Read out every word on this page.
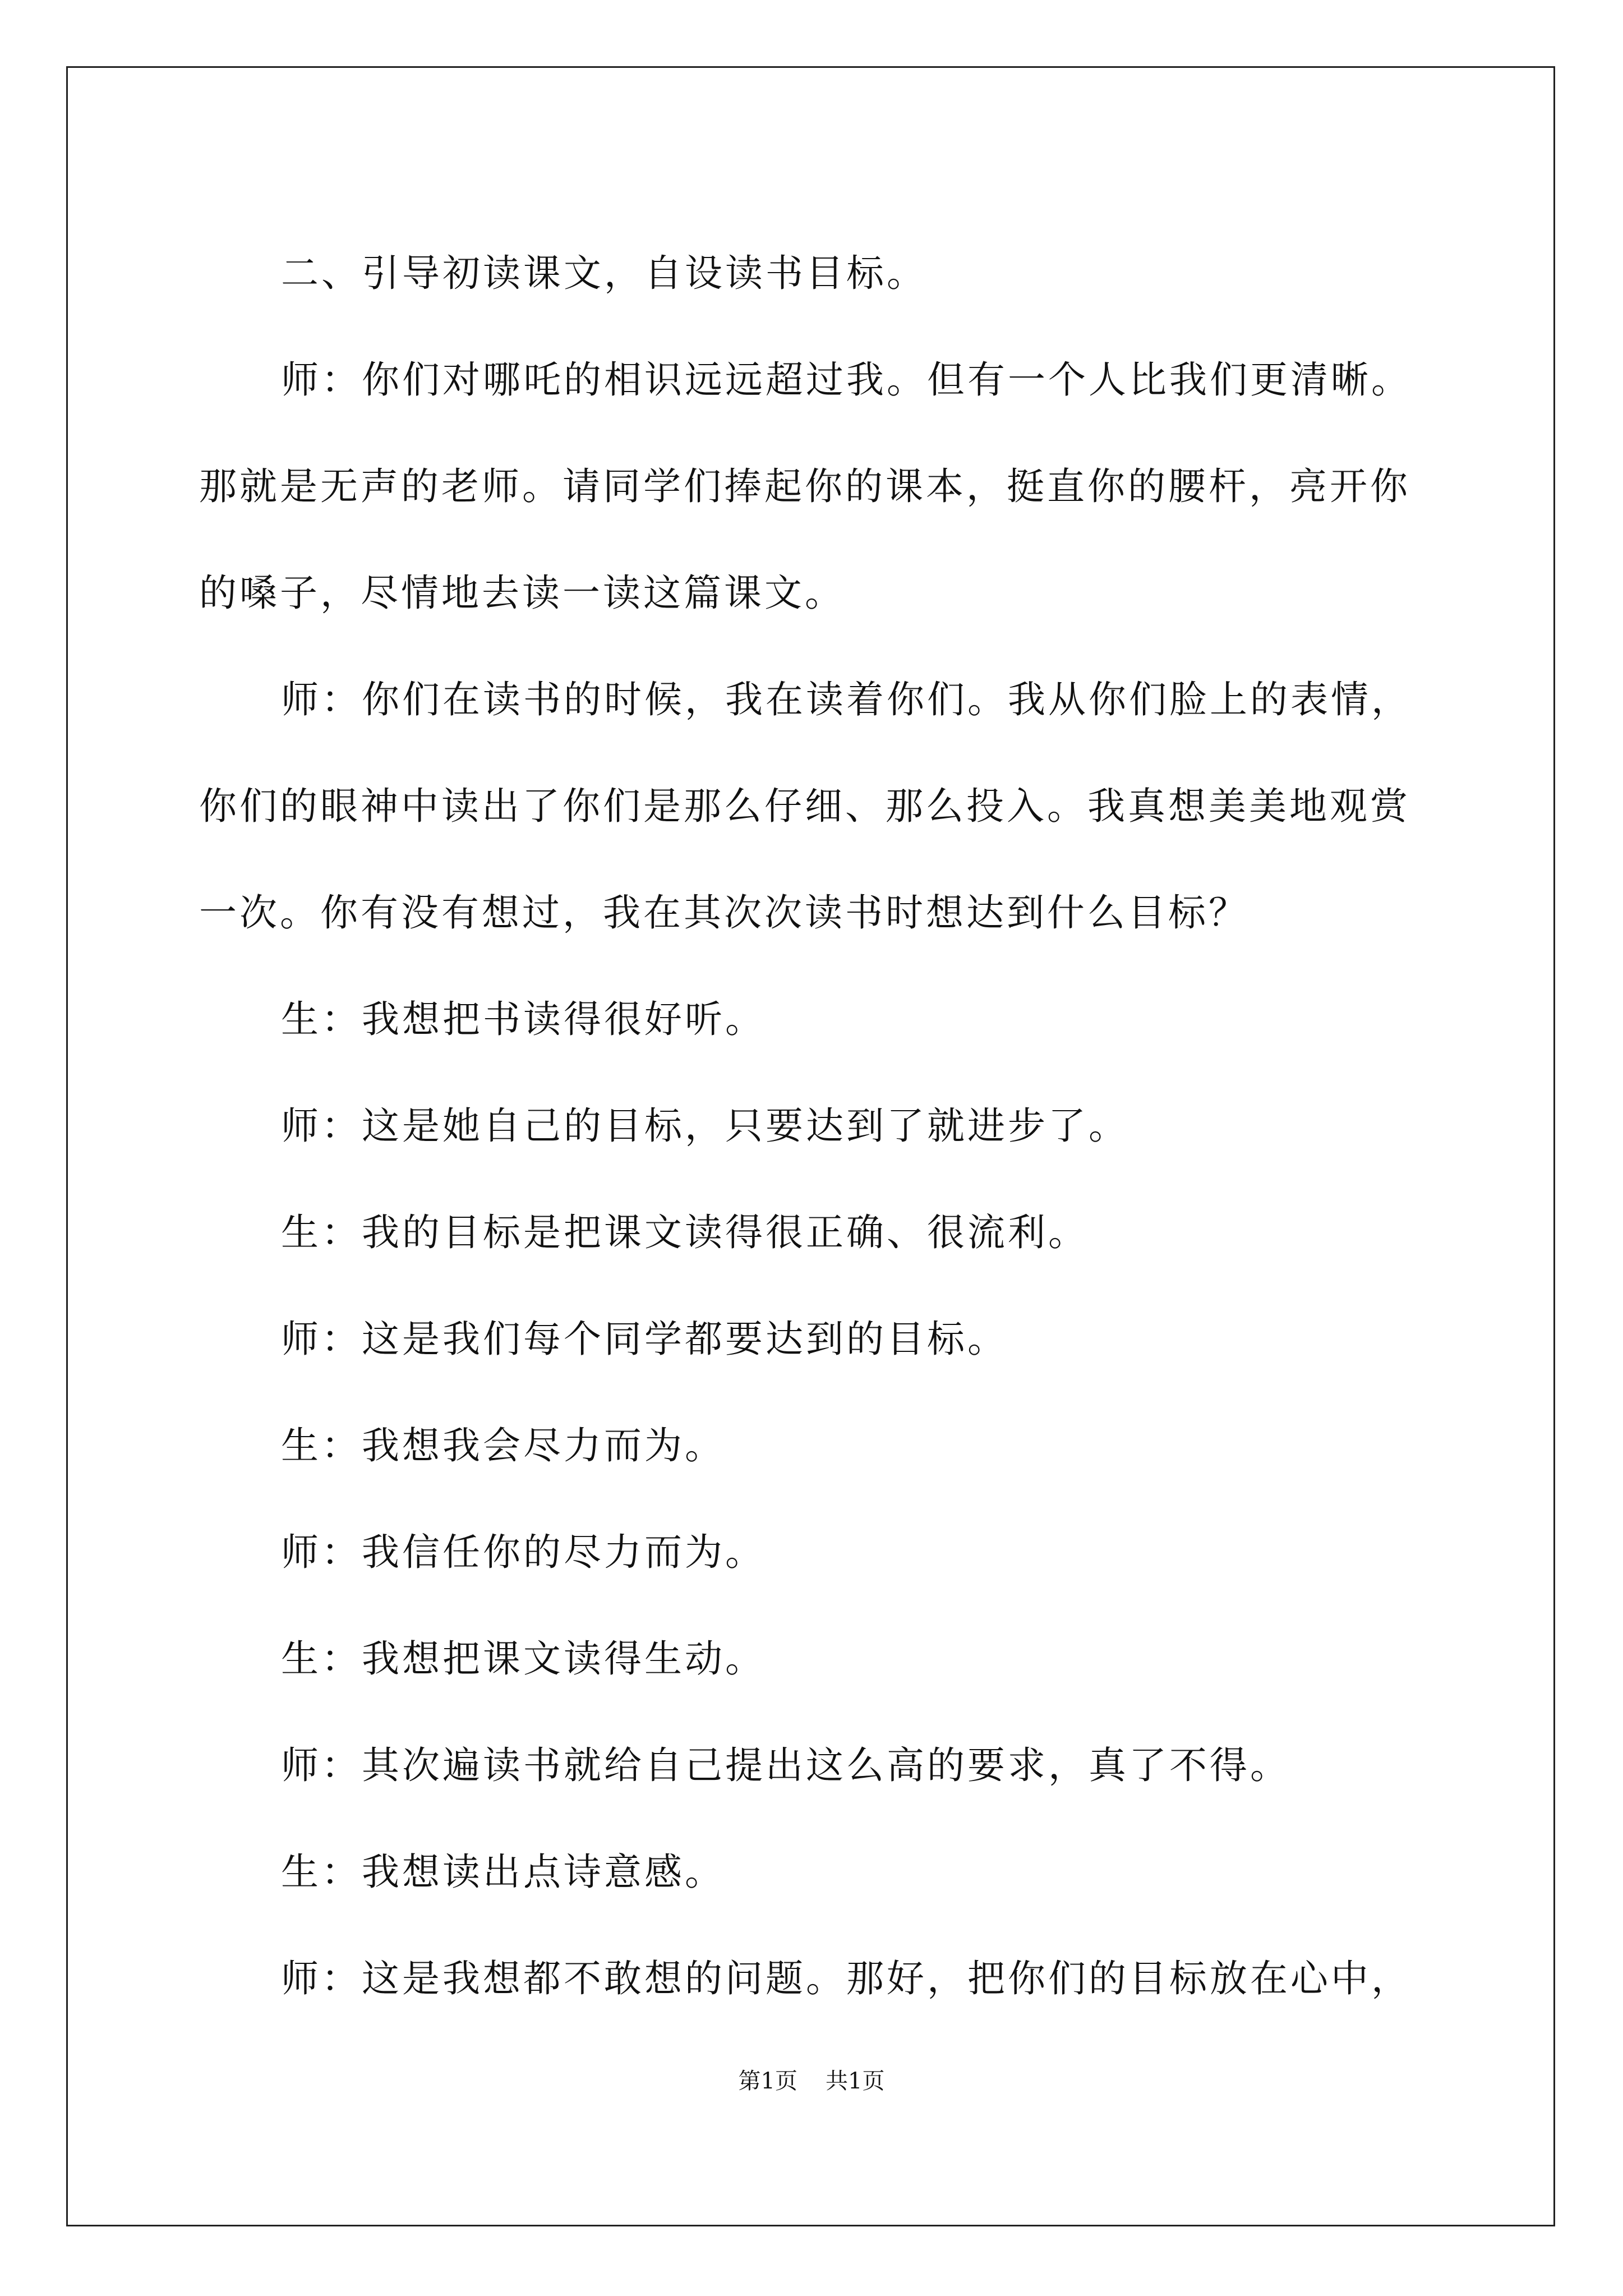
二、引导初读课文，自设读书目标。

师：你们对哪吒的相识远远超过我。但有一个人比我们更清晰。那就是无声的老师。请同学们捧起你的课本，挺直你的腰杆，亮开你的嗓子，尽情地去读一读这篇课文。

师：你们在读书的时候，我在读着你们。我从你们脸上的表情，你们的眼神中读出了你们是那么仔细、那么投入。我真想美美地观赏一次。你有没有想过，我在其次次读书时想达到什么目标？

生：我想把书读得很好听。

师：这是她自己的目标，只要达到了就进步了。

生：我的目标是把课文读得很正确、很流利。

师：这是我们每个同学都要达到的目标。

生：我想我会尽力而为。

师：我信任你的尽力而为。

生：我想把课文读得生动。

师：其次遍读书就给自己提出这么高的要求，真了不得。

生：我想读出点诗意感。

师：这是我想都不敢想的问题。那好，把你们的目标放在心中，

第1页 共1页
